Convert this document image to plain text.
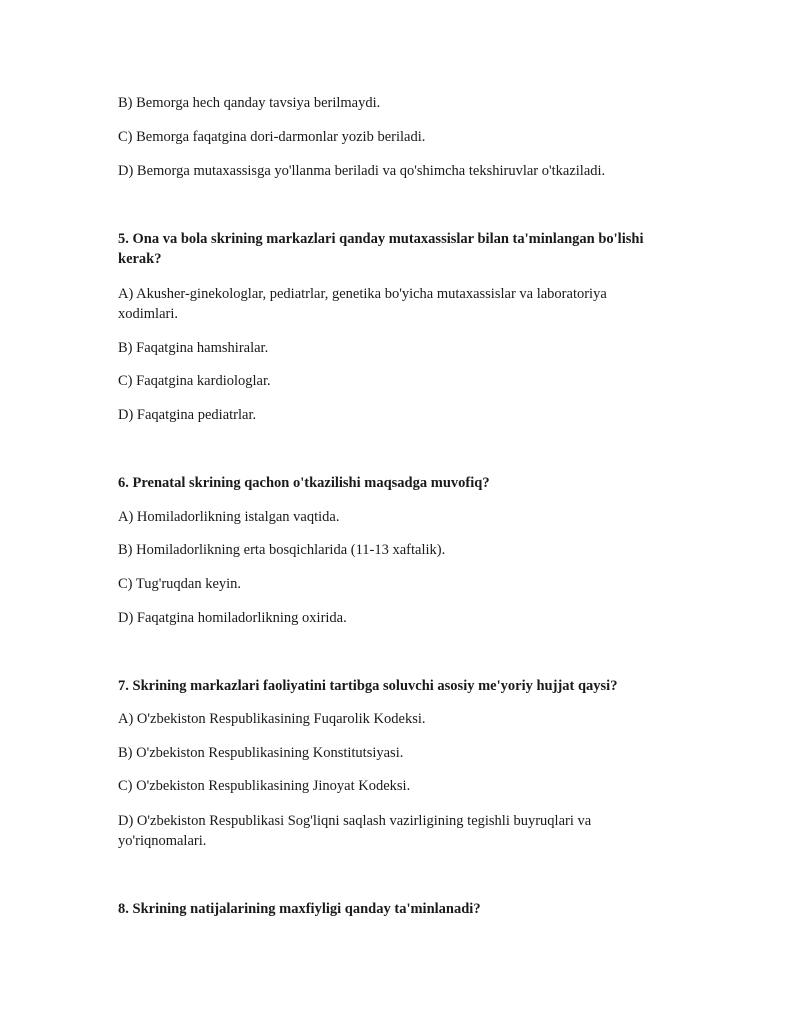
B) Bemorga hech qanday tavsiya berilmaydi.

C) Bemorga faqatgina dori-darmonlar yozib beriladi.

D) Bemorga mutaxassisga yo'llanma beriladi va qo'shimcha tekshiruvlar o'tkaziladi.

5. Ona va bola skrining markazlari qanday mutaxassislar bilan ta'minlangan bo'lishi kerak?

A) Akusher-ginekologlar, pediatrlar, genetika bo'yicha mutaxassislar va laboratoriya xodimlari.

B) Faqatgina hamshiralar.

C) Faqatgina kardiologlar.

D) Faqatgina pediatrlar.

6. Prenatal skrining qachon o'tkazilishi maqsadga muvofiq?

A) Homiladorlikning istalgan vaqtida.

B) Homiladorlikning erta bosqichlarida (11-13 xaftalik).

C) Tug'ruqdan keyin.

D) Faqatgina homiladorlikning oxirida.

7. Skrining markazlari faoliyatini tartibga soluvchi asosiy me'yoriy hujjat qaysi?

A) O'zbekiston Respublikasining Fuqarolik Kodeksi.

B) O'zbekiston Respublikasining Konstitutsiyasi.

C) O'zbekiston Respublikasining Jinoyat Kodeksi.

D) O'zbekiston Respublikasi Sog'liqni saqlash vazirligining tegishli buyruqlari va yo'riqnomalari.

8. Skrining natijalarining maxfiyligi qanday ta'minlanadi?
